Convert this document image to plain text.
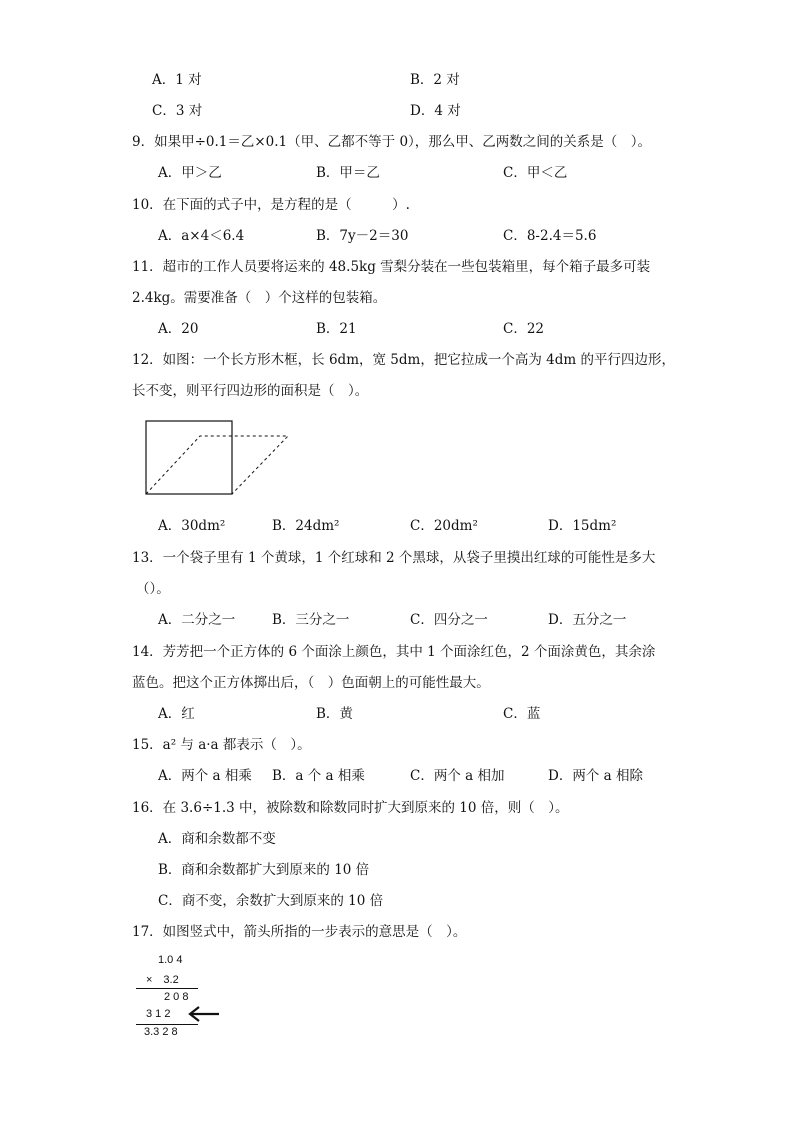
A．1 对	B．2 对
C．3 对	D．4 对
9．如果甲÷0.1＝乙×0.1（甲、乙都不等于 0），那么甲、乙两数之间的关系是（　）。
A．甲＞乙	B．甲＝乙	C．甲＜乙
10．在下面的式子中，是方程的是（　　　）.
A．a×4＜6.4	B．7y－2＝30	C．8-2.4＝5.6
11．超市的工作人员要将运来的 48.5kg 雪梨分装在一些包装箱里，每个箱子最多可装
2.4kg。需要准备（　）个这样的包装箱。
A．20	B．21	C．22
12．如图：一个长方形木框，长 6dm，宽 5dm，把它拉成一个高为 4dm 的平行四边形，
长不变，则平行四边形的面积是（　）。
A．30dm²	B．24dm²	C．20dm²	D．15dm²
13．一个袋子里有 1 个黄球，1 个红球和 2 个黑球，从袋子里摸出红球的可能性是多大
（）。
A．二分之一	B．三分之一	C．四分之一	D．五分之一
14．芳芳把一个正方体的 6 个面涂上颜色，其中 1 个面涂红色，2 个面涂黄色，其余涂
蓝色。把这个正方体掷出后，（　）色面朝上的可能性最大。
A．红	B．黄	C．蓝
15．a² 与 a·a 都表示（　）。
A．两个 a 相乘 B．a 个 a 相乘	C．两个 a 相加	D．两个 a 相除
16．在 3.6÷1.3 中，被除数和除数同时扩大到原来的 10 倍，则（　）。
A．商和余数都不变
B．商和余数都扩大到原来的 10 倍
C．商不变，余数扩大到原来的 10 倍
17．如图竖式中，箭头所指的一步表示的意思是（　）。
1.0 4
×　3.2
2 0 8
3 1 2
3.3 2 8
